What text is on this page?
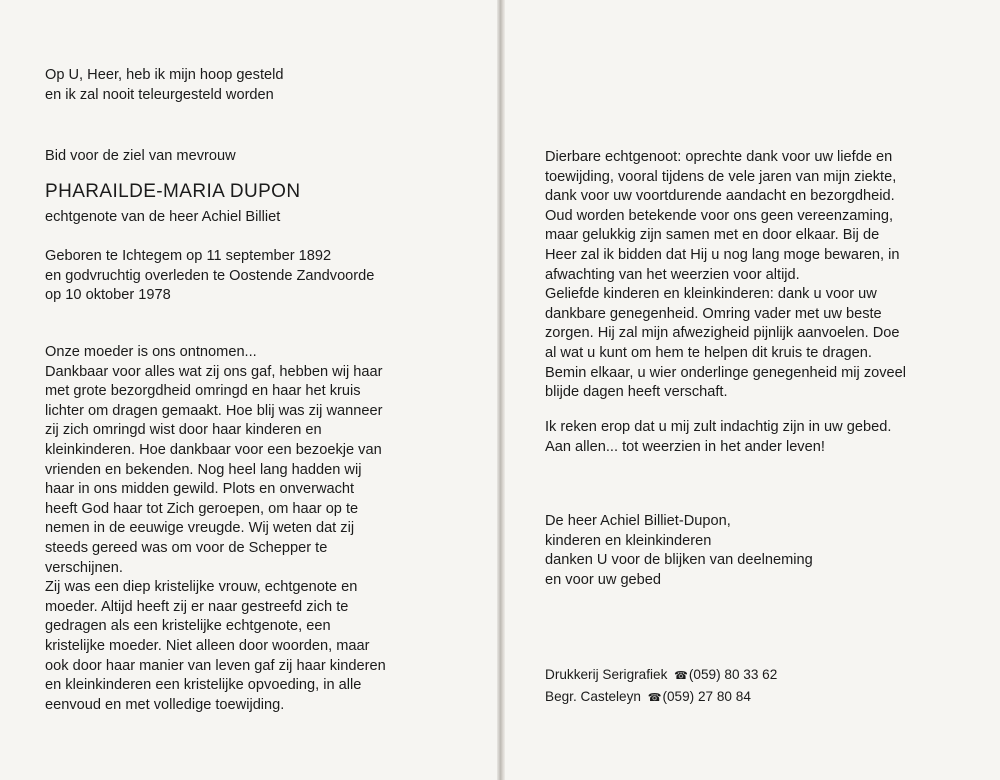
Op U, Heer, heb ik mijn hoop gesteld
en ik zal nooit teleurgesteld worden
Bid voor de ziel van mevrouw
PHARAILDE-MARIA DUPON
echtgenote van de heer Achiel Billiet
Geboren te Ichtegem op 11 september 1892
en godvruchtig overleden te Oostende Zandvoorde
op 10 oktober 1978
Onze moeder is ons ontnomen...
Dankbaar voor alles wat zij ons gaf, hebben wij haar
met grote bezorgdheid omringd en haar het kruis
lichter om dragen gemaakt. Hoe blij was zij wanneer
zij zich omringd wist door haar kinderen en
kleinkinderen. Hoe dankbaar voor een bezoekje van
vrienden en bekenden. Nog heel lang hadden wij
haar in ons midden gewild. Plots en onverwacht
heeft God haar tot Zich geroepen, om haar op te
nemen in de eeuwige vreugde. Wij weten dat zij
steeds gereed was om voor de Schepper te
verschijnen.
Zij was een diep kristelijke vrouw, echtgenote en
moeder. Altijd heeft zij er naar gestreefd zich te
gedragen als een kristelijke echtgenote, een
kristelijke moeder. Niet alleen door woorden, maar
ook door haar manier van leven gaf zij haar kinderen
en kleinkinderen een kristelijke opvoeding, in alle
eenvoud en met volledige toewijding.
Dierbare echtgenoot: oprechte dank voor uw liefde en
toewijding, vooral tijdens de vele jaren van mijn ziekte,
dank voor uw voortdurende aandacht en bezorgdheid.
Oud worden betekende voor ons geen vereenzaming,
maar gelukkig zijn samen met en door elkaar. Bij de
Heer zal ik bidden dat Hij u nog lang moge bewaren, in
afwachting van het weerzien voor altijd.
Geliefde kinderen en kleinkinderen: dank u voor uw
dankbare genegenheid. Omring vader met uw beste
zorgen. Hij zal mijn afwezigheid pijnlijk aanvoelen. Doe
al wat u kunt om hem te helpen dit kruis te dragen.
Bemin elkaar, u wier onderlinge genegenheid mij zoveel
blijde dagen heeft verschaft.
Ik reken erop dat u mij zult indachtig zijn in uw gebed.
Aan allen... tot weerzien in het ander leven!
De heer Achiel Billiet-Dupon,
kinderen en kleinkinderen
danken U voor de blijken van deelneming
en voor uw gebed
Drukkerij Serigrafiek ☎(059) 80 33 62
Begr. Casteleyn ☎(059) 27 80 84
